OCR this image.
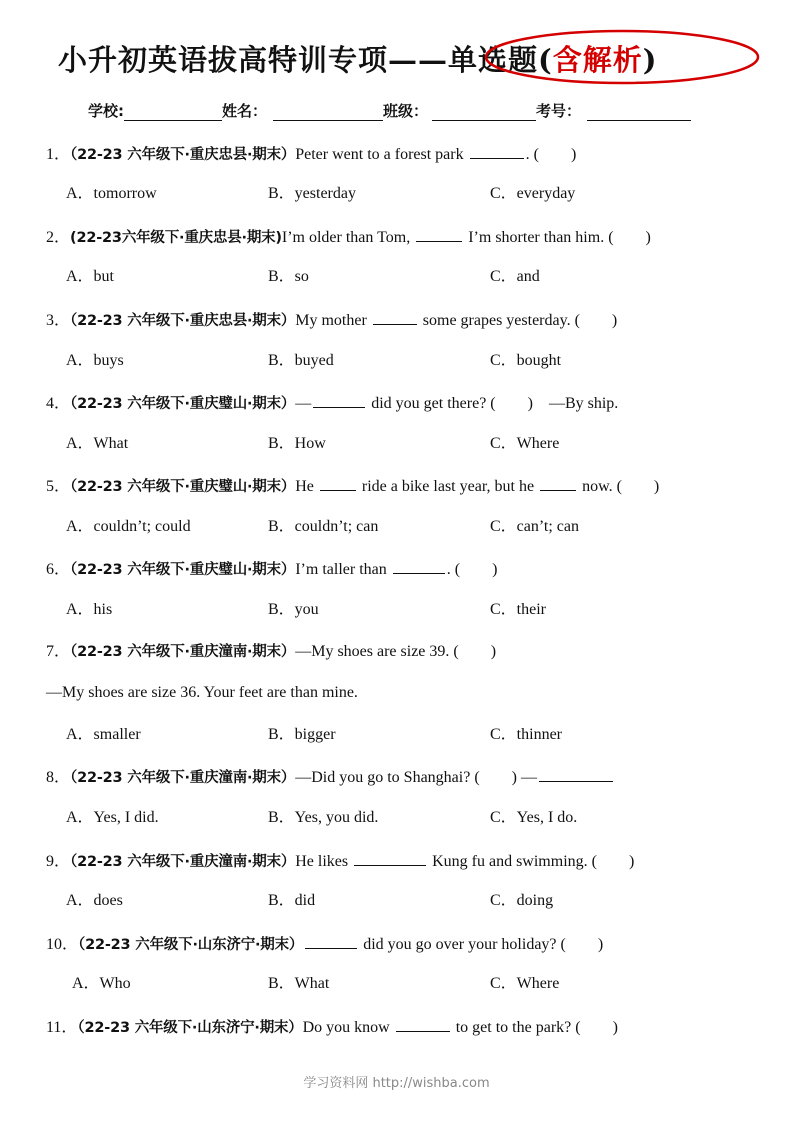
小升初英语拔高特训专项——单选题(含解析)
学校:	姓名：	班级：	考号：
1．（22-23 六年级下·重庆忠县·期末）Peter went to a forest park	. (　　)
A．tomorrow	B．yesterday	C．everyday
2．(22-23六年级下·重庆忠县·期末)I’m older than Tom,	I’m shorter than him. (　　)
A．but	B．so	C．and
3．（22-23 六年级下·重庆忠县·期末）My mother	some grapes yesterday. (　　)
A．buys	B．buyed	C．bought
4．（22-23 六年级下·重庆璧山·期末）—	did you get there? (　　)　—By ship.
A．What	B．How	C．Where
5．（22-23 六年级下·重庆璧山·期末）He	ride a bike last year, but he	now. (　　)
A．couldn’t; could	B．couldn’t; can	C．can’t; can
6．（22-23 六年级下·重庆璧山·期末）I’m taller than	. (　　)
A．his	B．you	C．their
7．（22-23 六年级下·重庆潼南·期末）—My shoes are size 39. (　　)
—My shoes are size 36. Your feet are than mine.
A．smaller	B．bigger	C．thinner
8．（22-23 六年级下·重庆潼南·期末）—Did you go to Shanghai? (　　) —
A．Yes, I did.	B．Yes, you did.	C．Yes, I do.
9．（22-23 六年级下·重庆潼南·期末）He likes	Kung fu and swimming. (　　)
A．does	B．did	C．doing
10．（22-23 六年级下·山东济宁·期末）	did you go over your holiday? (　　)
A．Who	B．What	C．Where
11．（22-23 六年级下·山东济宁·期末）Do you know	to get to the park? (　　)
学习资料网 http://wishba.com
